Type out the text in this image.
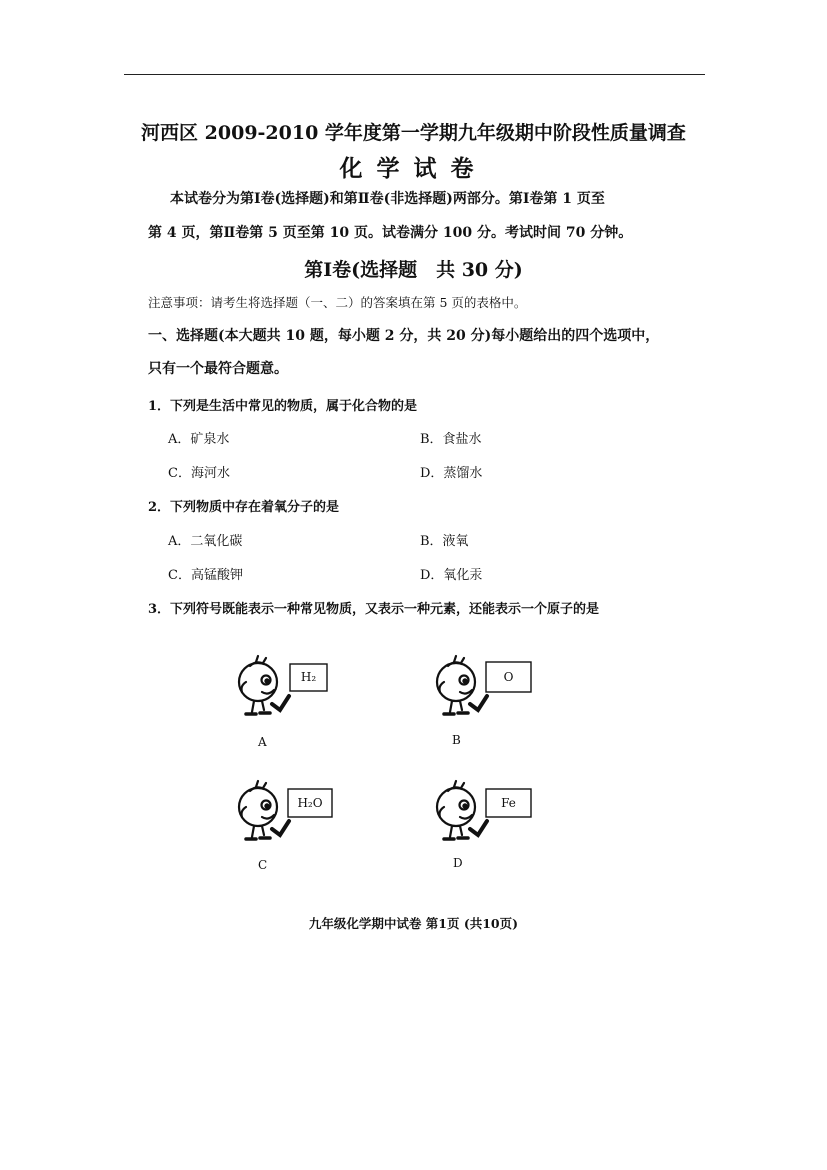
河西区 2009-2010 学年度第一学期九年级期中阶段性质量调查
化学试卷
本试卷分为第Ⅰ卷(选择题)和第Ⅱ卷(非选择题)两部分。第Ⅰ卷第 1 页至
第 4 页，第Ⅱ卷第 5 页至第 10 页。试卷满分 100 分。考试时间 70 分钟。
第Ⅰ卷(选择题　共 30 分)
注意事项：请考生将选择题（一、二）的答案填在第 5 页的表格中。
一、选择题(本大题共 10 题，每小题 2 分，共 20 分)每小题给出的四个选项中，
只有一个最符合题意。
1．下列是生活中常见的物质，属于化合物的是
A．矿泉水	B．食盐水
C．海河水	D．蒸馏水
2．下列物质中存在着氧分子的是
A．二氧化碳	B．液氧
C．高锰酸钾	D．氧化汞
3．下列符号既能表示一种常见物质，又表示一种元素，还能表示一个原子的是
H₂
A
O
B
H₂O
C
Fe
D
九年级化学期中试卷 第1页 (共10页)
